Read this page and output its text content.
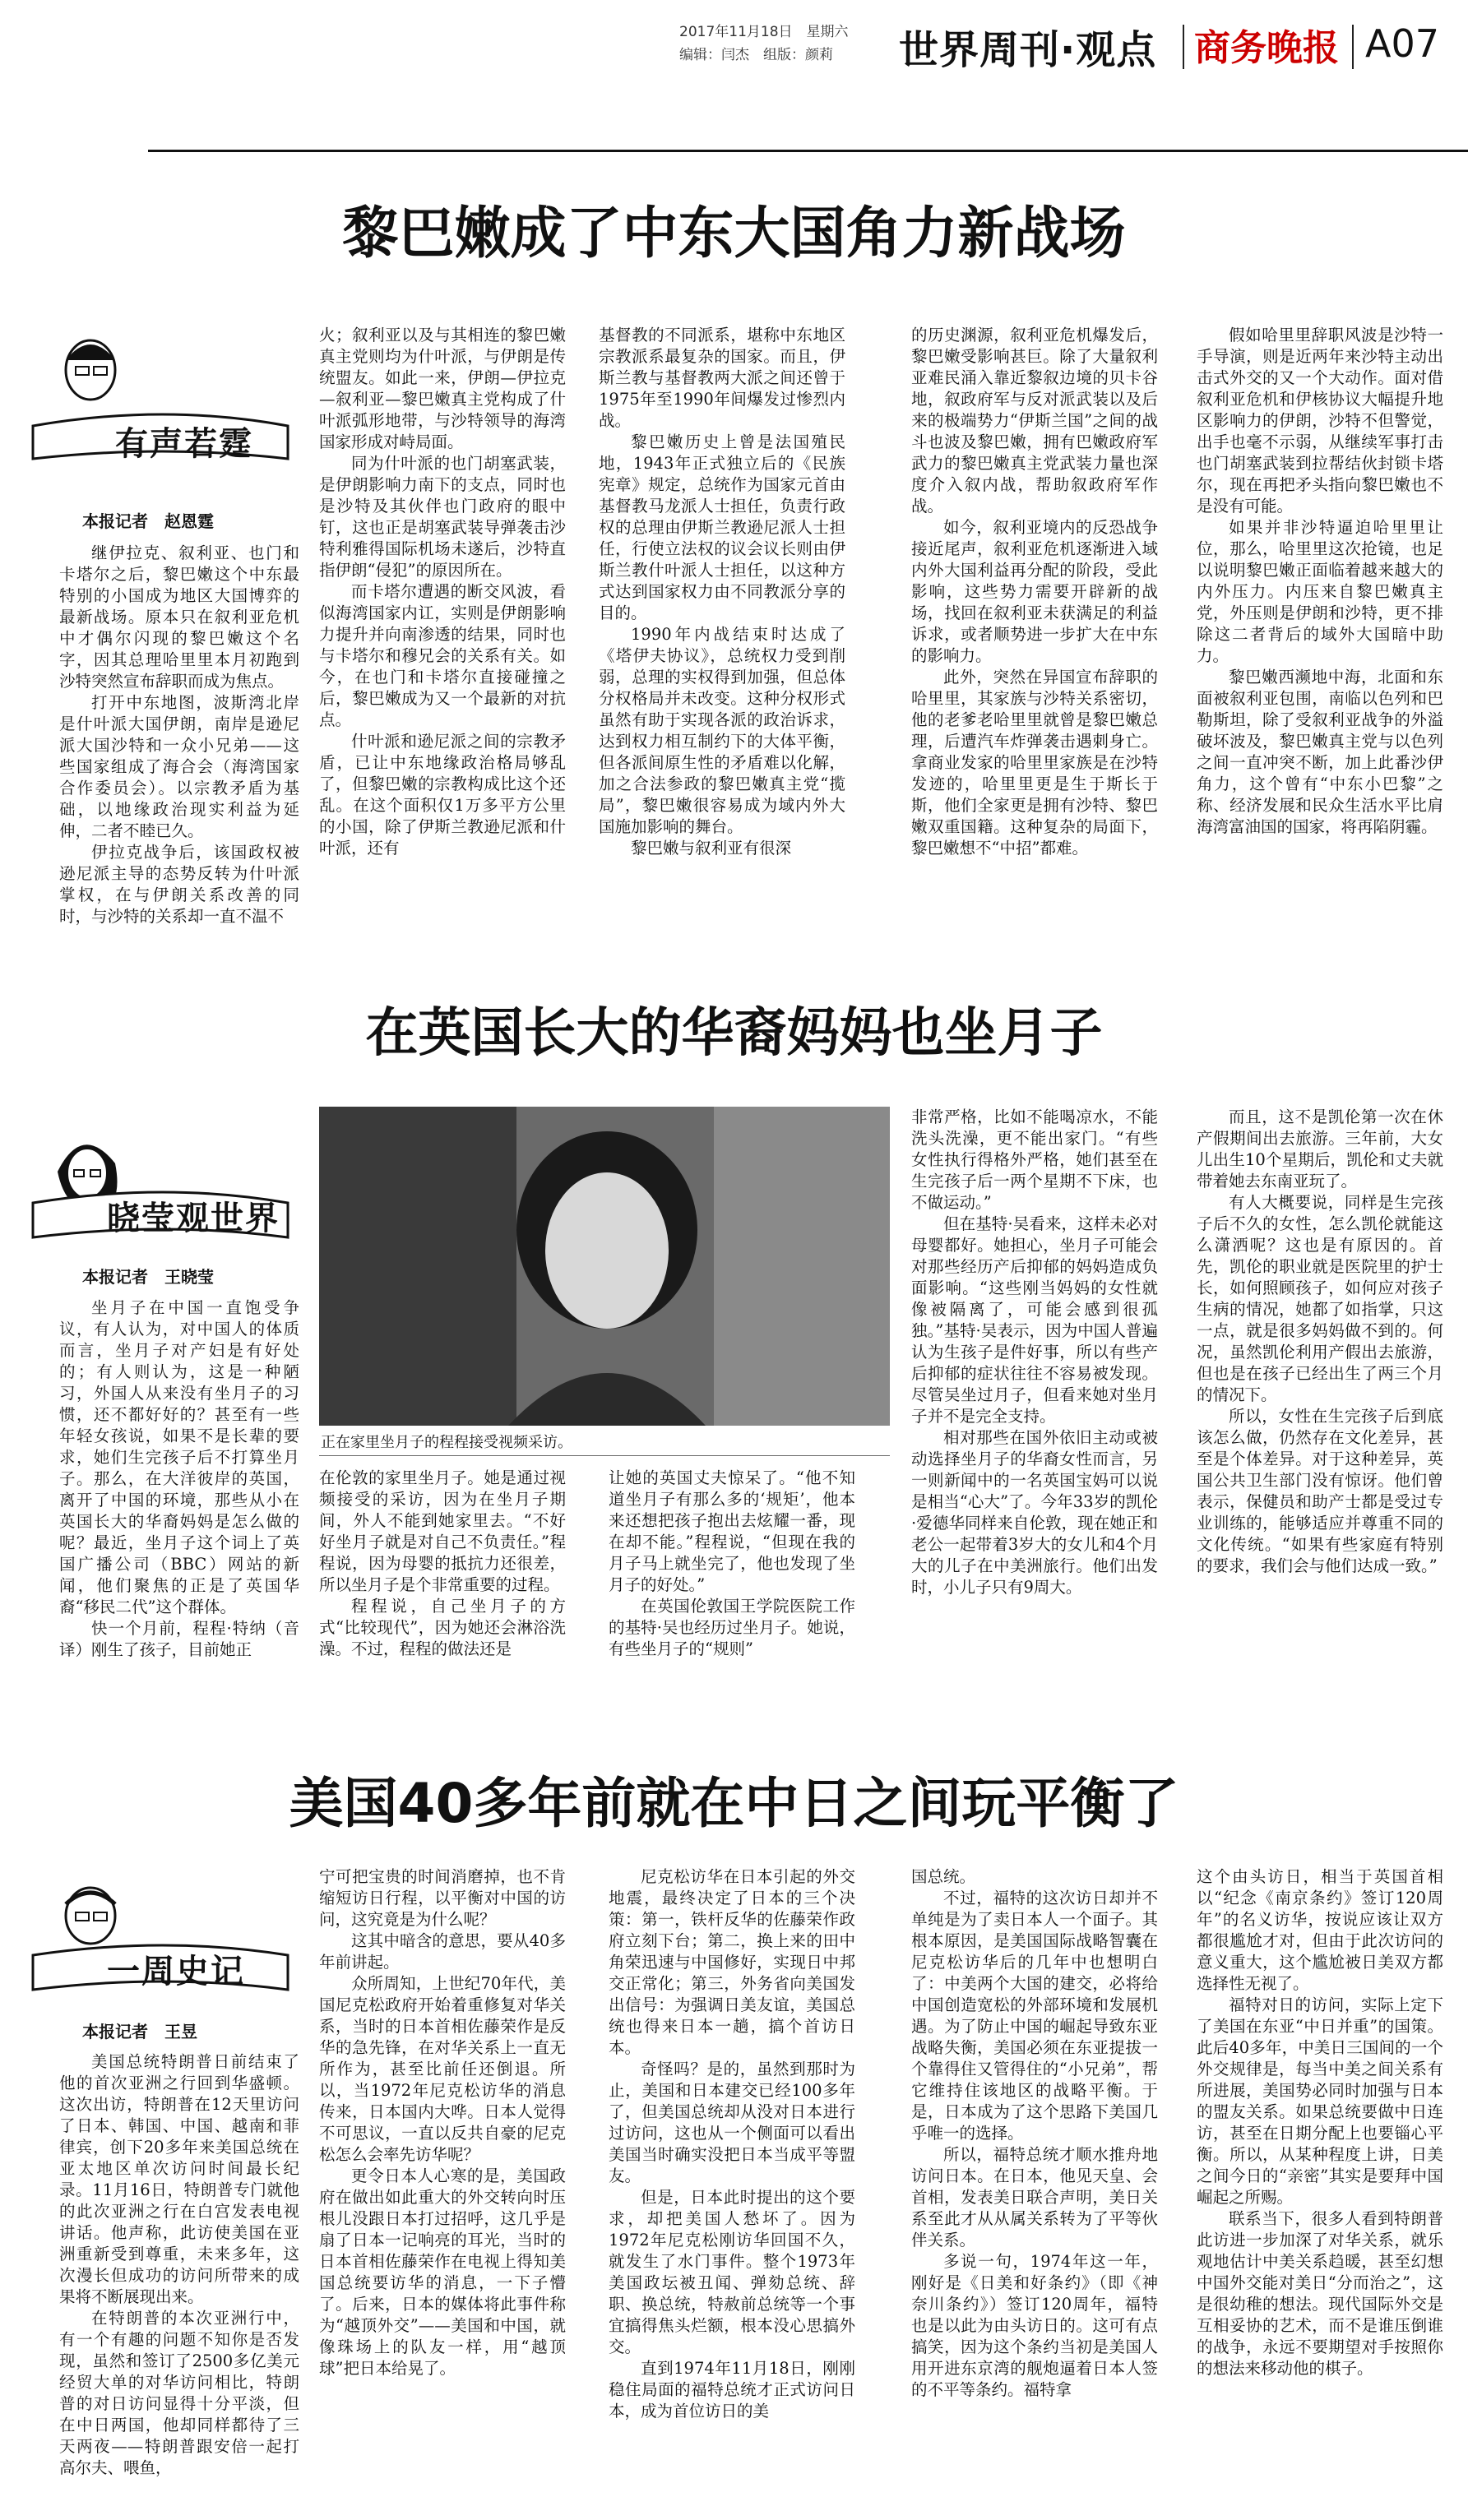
2017年11月18日　星期六
编辑：闫杰　组版：颜莉 世界周刊·观点 商务晚报 A07
黎巴嫩成了中东大国角力新战场
有声若霆
本报记者　赵恩霆

继伊拉克、叙利亚、也门和卡塔尔之后，黎巴嫩这个中东最特别的小国成为地区大国博弈的最新战场。原本只在叙利亚危机中才偶尔闪现的黎巴嫩这个名字，因其总理哈里里本月初跑到沙特突然宣布辞职而成为焦点。

打开中东地图，波斯湾北岸是什叶派大国伊朗，南岸是逊尼派大国沙特和一众小兄弟——这些国家组成了海合会（海湾国家合作委员会）。以宗教矛盾为基础，以地缘政治现实利益为延伸，二者不睦已久。

伊拉克战争后，该国政权被逊尼派主导的态势反转为什叶派掌权，在与伊朗关系改善的同时，与沙特的关系却一直不温不

火；叙利亚以及与其相连的黎巴嫩真主党则均为什叶派，与伊朗是传统盟友。如此一来，伊朗—伊拉克—叙利亚—黎巴嫩真主党构成了什叶派弧形地带，与沙特领导的海湾国家形成对峙局面。

同为什叶派的也门胡塞武装，是伊朗影响力南下的支点，同时也是沙特及其伙伴也门政府的眼中钉，这也正是胡塞武装导弹袭击沙特利雅得国际机场未遂后，沙特直指伊朗“侵犯”的原因所在。

而卡塔尔遭遇的断交风波，看似海湾国家内讧，实则是伊朗影响力提升并向南渗透的结果，同时也与卡塔尔和穆兄会的关系有关。如今，在也门和卡塔尔直接碰撞之后，黎巴嫩成为又一个最新的对抗点。

什叶派和逊尼派之间的宗教矛盾，已让中东地缘政治格局够乱了，但黎巴嫩的宗教构成比这个还乱。在这个面积仅1万多平方公里的小国，除了伊斯兰教逊尼派和什叶派，还有

基督教的不同派系，堪称中东地区宗教派系最复杂的国家。而且，伊斯兰教与基督教两大派之间还曾于1975年至1990年间爆发过惨烈内战。

黎巴嫩历史上曾是法国殖民地，1943年正式独立后的《民族宪章》规定，总统作为国家元首由基督教马龙派人士担任，负责行政权的总理由伊斯兰教逊尼派人士担任，行使立法权的议会议长则由伊斯兰教什叶派人士担任，以这种方式达到国家权力由不同教派分享的目的。

1990年内战结束时达成了《塔伊夫协议》，总统权力受到削弱，总理的实权得到加强，但总体分权格局并未改变。这种分权形式虽然有助于实现各派的政治诉求，达到权力相互制约下的大体平衡，但各派间原生性的矛盾难以化解，加之合法参政的黎巴嫩真主党“揽局”，黎巴嫩很容易成为域内外大国施加影响的舞台。

黎巴嫩与叙利亚有很深

的历史渊源，叙利亚危机爆发后，黎巴嫩受影响甚巨。除了大量叙利亚难民涌入靠近黎叙边境的贝卡谷地，叙政府军与反对派武装以及后来的极端势力“伊斯兰国”之间的战斗也波及黎巴嫩，拥有巴嫩政府军武力的黎巴嫩真主党武装力量也深度介入叙内战，帮助叙政府军作战。

如今，叙利亚境内的反恐战争接近尾声，叙利亚危机逐渐进入域内外大国利益再分配的阶段，受此影响，这些势力需要开辟新的战场，找回在叙利亚未获满足的利益诉求，或者顺势进一步扩大在中东的影响力。

此外，突然在异国宣布辞职的哈里里，其家族与沙特关系密切，他的老爹老哈里里就曾是黎巴嫩总理，后遭汽车炸弹袭击遇刺身亡。拿商业发家的哈里里家族是在沙特发迹的，哈里里更是生于斯长于斯，他们全家更是拥有沙特、黎巴嫩双重国籍。这种复杂的局面下，黎巴嫩想不“中招”都难。

假如哈里里辞职风波是沙特一手导演，则是近两年来沙特主动出击式外交的又一个大动作。面对借叙利亚危机和伊核协议大幅提升地区影响力的伊朗，沙特不但警觉，出手也毫不示弱，从继续军事打击也门胡塞武装到拉帮结伙封锁卡塔尔，现在再把矛头指向黎巴嫩也不是没有可能。

如果并非沙特逼迫哈里里让位，那么，哈里里这次抢镜，也足以说明黎巴嫩正面临着越来越大的内外压力。内压来自黎巴嫩真主党，外压则是伊朗和沙特，更不排除这二者背后的域外大国暗中助力。

黎巴嫩西濒地中海，北面和东面被叙利亚包围，南临以色列和巴勒斯坦，除了受叙利亚战争的外溢破坏波及，黎巴嫩真主党与以色列之间一直冲突不断，加上此番沙伊角力，这个曾有“中东小巴黎”之称、经济发展和民众生活水平比肩海湾富油国的国家，将再陷阴霾。

在英国长大的华裔妈妈也坐月子
晓莹观世界
本报记者　王晓莹
正在家里坐月子的程程接受视频采访。

坐月子在中国一直饱受争议，有人认为，对中国人的体质而言，坐月子对产妇是有好处的；有人则认为，这是一种陋习，外国人从来没有坐月子的习惯，还不都好好的？甚至有一些年轻女孩说，如果不是长辈的要求，她们生完孩子后不打算坐月子。那么，在大洋彼岸的英国，离开了中国的环境，那些从小在英国长大的华裔妈妈是怎么做的呢？最近，坐月子这个词上了英国广播公司（BBC）网站的新闻，他们聚焦的正是了英国华裔“移民二代”这个群体。

快一个月前，程程·特纳（音译）刚生了孩子，目前她正

在伦敦的家里坐月子。她是通过视频接受的采访，因为在坐月子期间，外人不能到她家里去。“不好好坐月子就是对自己不负责任。”程程说，因为母婴的抵抗力还很差，所以坐月子是个非常重要的过程。

程程说，自己坐月子的方式“比较现代”，因为她还会淋浴洗澡。不过，程程的做法还是

让她的英国丈夫惊呆了。“他不知道坐月子有那么多的‘规矩’，他本来还想把孩子抱出去炫耀一番，现在却不能。”程程说，“但现在我的月子马上就坐完了，他也发现了坐月子的好处。”

在英国伦敦国王学院医院工作的基特·吴也经历过坐月子。她说，有些坐月子的“规则”

非常严格，比如不能喝凉水，不能洗头洗澡，更不能出家门。“有些女性执行得格外严格，她们甚至在生完孩子后一两个星期不下床，也不做运动。”

但在基特·吴看来，这样未必对母婴都好。她担心，坐月子可能会对那些经历产后抑郁的妈妈造成负面影响。“这些刚当妈妈的女性就像被隔离了，可能会感到很孤独。”基特·吴表示，因为中国人普遍认为生孩子是件好事，所以有些产后抑郁的症状往往不容易被发现。尽管吴坐过月子，但看来她对坐月子并不是完全支持。

相对那些在国外依旧主动或被动选择坐月子的华裔女性而言，另一则新闻中的一名英国宝妈可以说是相当“心大”了。今年33岁的凯伦·爱德华同样来自伦敦，现在她正和老公一起带着3岁大的女儿和4个月大的儿子在中美洲旅行。他们出发时，小儿子只有9周大。

而且，这不是凯伦第一次在休产假期间出去旅游。三年前，大女儿出生10个星期后，凯伦和丈夫就带着她去东南亚玩了。

有人大概要说，同样是生完孩子后不久的女性，怎么凯伦就能这么潇洒呢？这也是有原因的。首先，凯伦的职业就是医院里的护士长，如何照顾孩子，如何应对孩子生病的情况，她都了如指掌，只这一点，就是很多妈妈做不到的。何况，虽然凯伦利用产假出去旅游，但也是在孩子已经出生了两三个月的情况下。

所以，女性在生完孩子后到底该怎么做，仍然存在文化差异，甚至是个体差异。对于这种差异，英国公共卫生部门没有惊讶。他们曾表示，保健员和助产士都是受过专业训练的，能够适应并尊重不同的文化传统。“如果有些家庭有特别的要求，我们会与他们达成一致。”

美国40多年前就在中日之间玩平衡了
一周史记
本报记者　王昱

美国总统特朗普日前结束了他的首次亚洲之行回到华盛顿。这次出访，特朗普在12天里访问了日本、韩国、中国、越南和菲律宾，创下20多年来美国总统在亚太地区单次访问时间最长纪录。11月16日，特朗普专门就他的此次亚洲之行在白宫发表电视讲话。他声称，此访使美国在亚洲重新受到尊重，未来多年，这次漫长但成功的访问所带来的成果将不断展现出来。

在特朗普的本次亚洲行中，有一个有趣的问题不知你是否发现，虽然和签订了2500多亿美元经贸大单的对华访问相比，特朗普的对日访问显得十分平淡，但在中日两国，他却同样都待了三天两夜——特朗普跟安倍一起打高尔夫、喂鱼，

宁可把宝贵的时间消磨掉，也不肯缩短访日行程，以平衡对中国的访问，这究竟是为什么呢？

这其中暗含的意思，要从40多年前讲起。

众所周知，上世纪70年代，美国尼克松政府开始着重修复对华关系，当时的日本首相佐藤荣作是反华的急先锋，在对华关系上一直无所作为，甚至比前任还倒退。所以，当1972年尼克松访华的消息传来，日本国内大哗。日本人觉得不可思议，一直以反共自豪的尼克松怎么会率先访华呢？

更令日本人心寒的是，美国政府在做出如此重大的外交转向时压根儿没跟日本打过招呼，这几乎是扇了日本一记响亮的耳光，当时的日本首相佐藤荣作在电视上得知美国总统要访华的消息，一下子懵了。后来，日本的媒体将此事件称为“越顶外交”——美国和中国，就像珠场上的队友一样，用“越顶球”把日本给晃了。

尼克松访华在日本引起的外交地震，最终决定了日本的三个决策：第一，铁杆反华的佐藤荣作政府立刻下台；第二，换上来的田中角荣迅速与中国修好，实现日中邦交正常化；第三，外务省向美国发出信号：为强调日美友谊，美国总统也得来日本一趟，搞个首访日本。

奇怪吗？是的，虽然到那时为止，美国和日本建交已经100多年了，但美国总统却从没对日本进行过访问，这也从一个侧面可以看出美国当时确实没把日本当成平等盟友。

但是，日本此时提出的这个要求，却把美国人愁坏了。因为1972年尼克松刚访华回国不久，就发生了水门事件。整个1973年美国政坛被丑闻、弹劾总统、辞职、换总统，特赦前总统等一个事宜搞得焦头烂额，根本没心思搞外交。

直到1974年11月18日，刚刚稳住局面的福特总统才正式访问日本，成为首位访日的美

国总统。

不过，福特的这次访日却并不单纯是为了卖日本人一个面子。其根本原因，是美国国际战略智囊在尼克松访华后的几年中也想明白了：中美两个大国的建交，必将给中国创造宽松的外部环境和发展机遇。为了防止中国的崛起导致东亚战略失衡，美国必须在东亚提拔一个靠得住又管得住的“小兄弟”，帮它维持住该地区的战略平衡。于是，日本成为了这个思路下美国几乎唯一的选择。

所以，福特总统才顺水推舟地访问日本。在日本，他见天皇、会首相，发表美日联合声明，美日关系至此才从从属关系转为了平等伙伴关系。

多说一句，1974年这一年，刚好是《日美和好条约》（即《神奈川条约》）签订120周年，福特也是以此为由头访日的。这可有点搞笑，因为这个条约当初是美国人用开进东京湾的舰炮逼着日本人签的不平等条约。福特拿

这个由头访日，相当于英国首相以“纪念《南京条约》签订120周年”的名义访华，按说应该让双方都很尴尬才对，但由于此次访问的意义重大，这个尴尬被日美双方都选择性无视了。

福特对日的访问，实际上定下了美国在东亚“中日并重”的国策。此后40多年，中美日三国间的一个外交规律是，每当中美之间关系有所进展，美国势必同时加强与日本的盟友关系。如果总统要做中日连访，甚至在日期分配上也要锱心平衡。所以，从某种程度上讲，日美之间今日的“亲密”其实是要拜中国崛起之所赐。

联系当下，很多人看到特朗普此访进一步加深了对华关系，就乐观地估计中美关系趋暖，甚至幻想中国外交能对美日“分而治之”，这是很幼稚的想法。现代国际外交是互相妥协的艺术，而不是谁压倒谁的战争，永远不要期望对手按照你的想法来移动他的棋子。
